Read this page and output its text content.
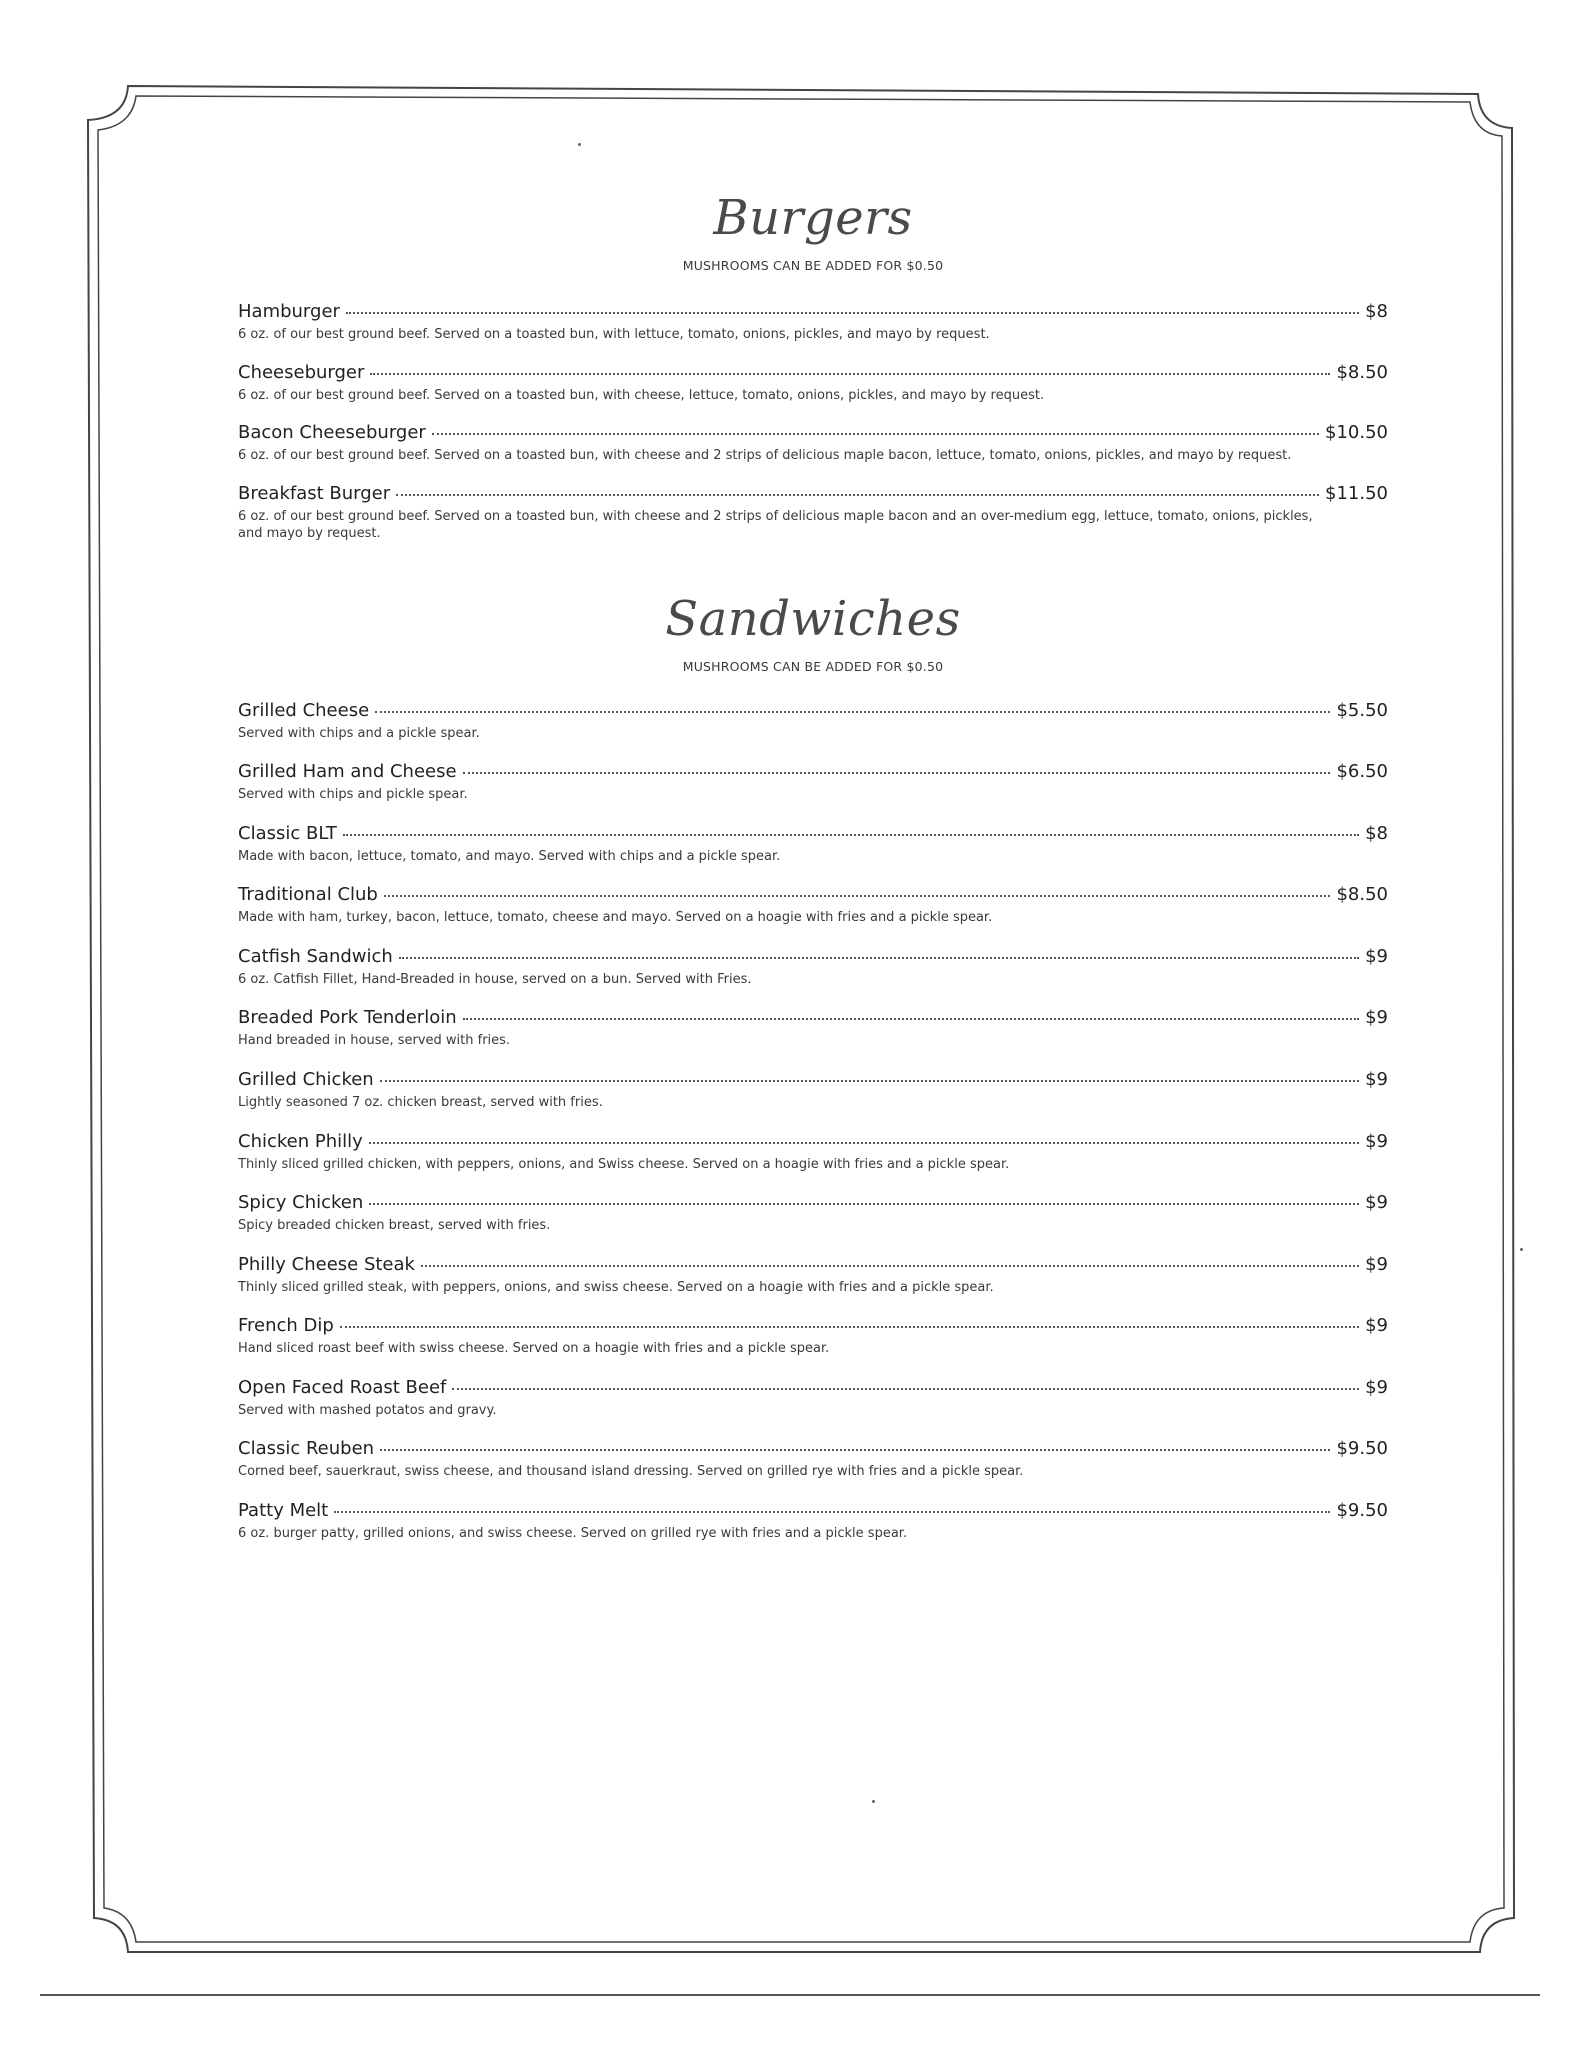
Burgers
MUSHROOMS CAN BE ADDED FOR $0.50
Hamburger	$8
6 oz. of our best ground beef. Served on a toasted bun, with lettuce, tomato, onions, pickles, and mayo by request.
Cheeseburger	$8.50
6 oz. of our best ground beef. Served on a toasted bun, with cheese, lettuce, tomato, onions, pickles, and mayo by request.
Bacon Cheeseburger	$10.50
6 oz. of our best ground beef. Served on a toasted bun, with cheese and 2 strips of delicious maple bacon, lettuce, tomato, onions, pickles, and mayo by request.
Breakfast Burger	$11.50
6 oz. of our best ground beef. Served on a toasted bun, with cheese and 2 strips of delicious maple bacon and an over-medium egg, lettuce, tomato, onions, pickles, and mayo by request.
Sandwiches
MUSHROOMS CAN BE ADDED FOR $0.50
Grilled Cheese	$5.50
Served with chips and a pickle spear.
Grilled Ham and Cheese	$6.50
Served with chips and pickle spear.
Classic BLT	$8
Made with bacon, lettuce, tomato, and mayo. Served with chips and a pickle spear.
Traditional Club	$8.50
Made with ham, turkey, bacon, lettuce, tomato, cheese and mayo. Served on a hoagie with fries and a pickle spear.
Catfish Sandwich	$9
6 oz. Catfish Fillet, Hand-Breaded in house, served on a bun. Served with Fries.
Breaded Pork Tenderloin	$9
Hand breaded in house, served with fries.
Grilled Chicken	$9
Lightly seasoned 7 oz. chicken breast, served with fries.
Chicken Philly	$9
Thinly sliced grilled chicken, with peppers, onions, and Swiss cheese. Served on a hoagie with fries and a pickle spear.
Spicy Chicken	$9
Spicy breaded chicken breast, served with fries.
Philly Cheese Steak	$9
Thinly sliced grilled steak, with peppers, onions, and swiss cheese. Served on a hoagie with fries and a pickle spear.
French Dip	$9
Hand sliced roast beef with swiss cheese. Served on a hoagie with fries and a pickle spear.
Open Faced Roast Beef	$9
Served with mashed potatos and gravy.
Classic Reuben	$9.50
Corned beef, sauerkraut, swiss cheese, and thousand island dressing. Served on grilled rye with fries and a pickle spear.
Patty Melt	$9.50
6 oz. burger patty, grilled onions, and swiss cheese. Served on grilled rye with fries and a pickle spear.
